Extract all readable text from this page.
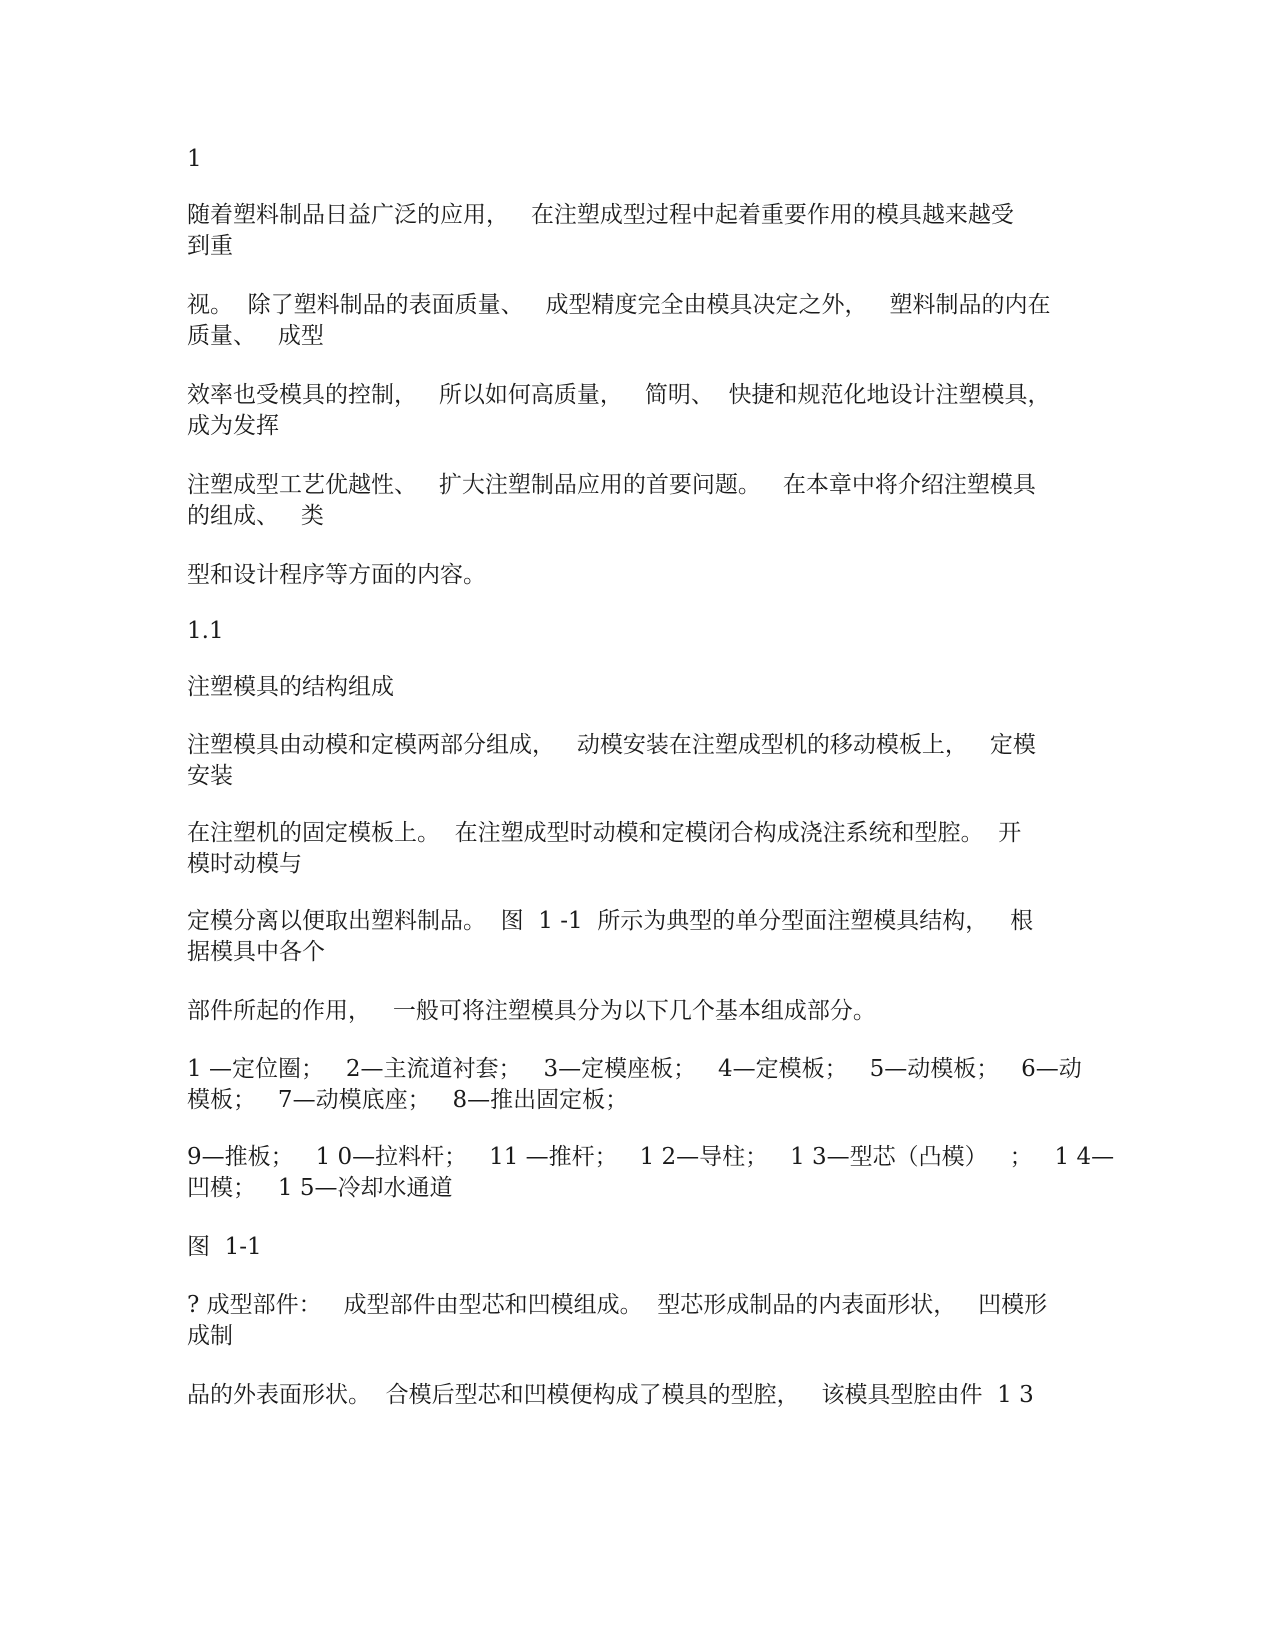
1

随着塑料制品日益广泛的应用，   在注塑成型过程中起着重要作用的模具越来越受
到重

视。  除了塑料制品的表面质量、   成型精度完全由模具决定之外，   塑料制品的内在
质量、   成型

效率也受模具的控制，   所以如何高质量，   简明、  快捷和规范化地设计注塑模具，
成为发挥

注塑成型工艺优越性、   扩大注塑制品应用的首要问题。   在本章中将介绍注塑模具
的组成、   类

型和设计程序等方面的内容。

1.1

注塑模具的结构组成

注塑模具由动模和定模两部分组成，   动模安装在注塑成型机的移动模板上，   定模
安装

在注塑机的固定模板上。  在注塑成型时动模和定模闭合构成浇注系统和型腔。  开
模时动模与

定模分离以便取出塑料制品。  图  1 -1  所示为典型的单分型面注塑模具结构，   根
据模具中各个

部件所起的作用，   一般可将注塑模具分为以下几个基本组成部分。

1 —定位圈；   2—主流道衬套；   3—定模座板；   4—定模板；   5—动模板；   6—动
模板；   7—动模底座；   8—推出固定板；

9—推板；   1 0—拉料杆；   11 —推杆；   1 2—导柱；   1 3—型芯（凸模）   ；   1 4—
凹模；   1 5—冷却水通道

图  1-1

? 成型部件：   成型部件由型芯和凹模组成。  型芯形成制品的内表面形状，   凹模形
成制

品的外表面形状。  合模后型芯和凹模便构成了模具的型腔，   该模具型腔由件  1 3
